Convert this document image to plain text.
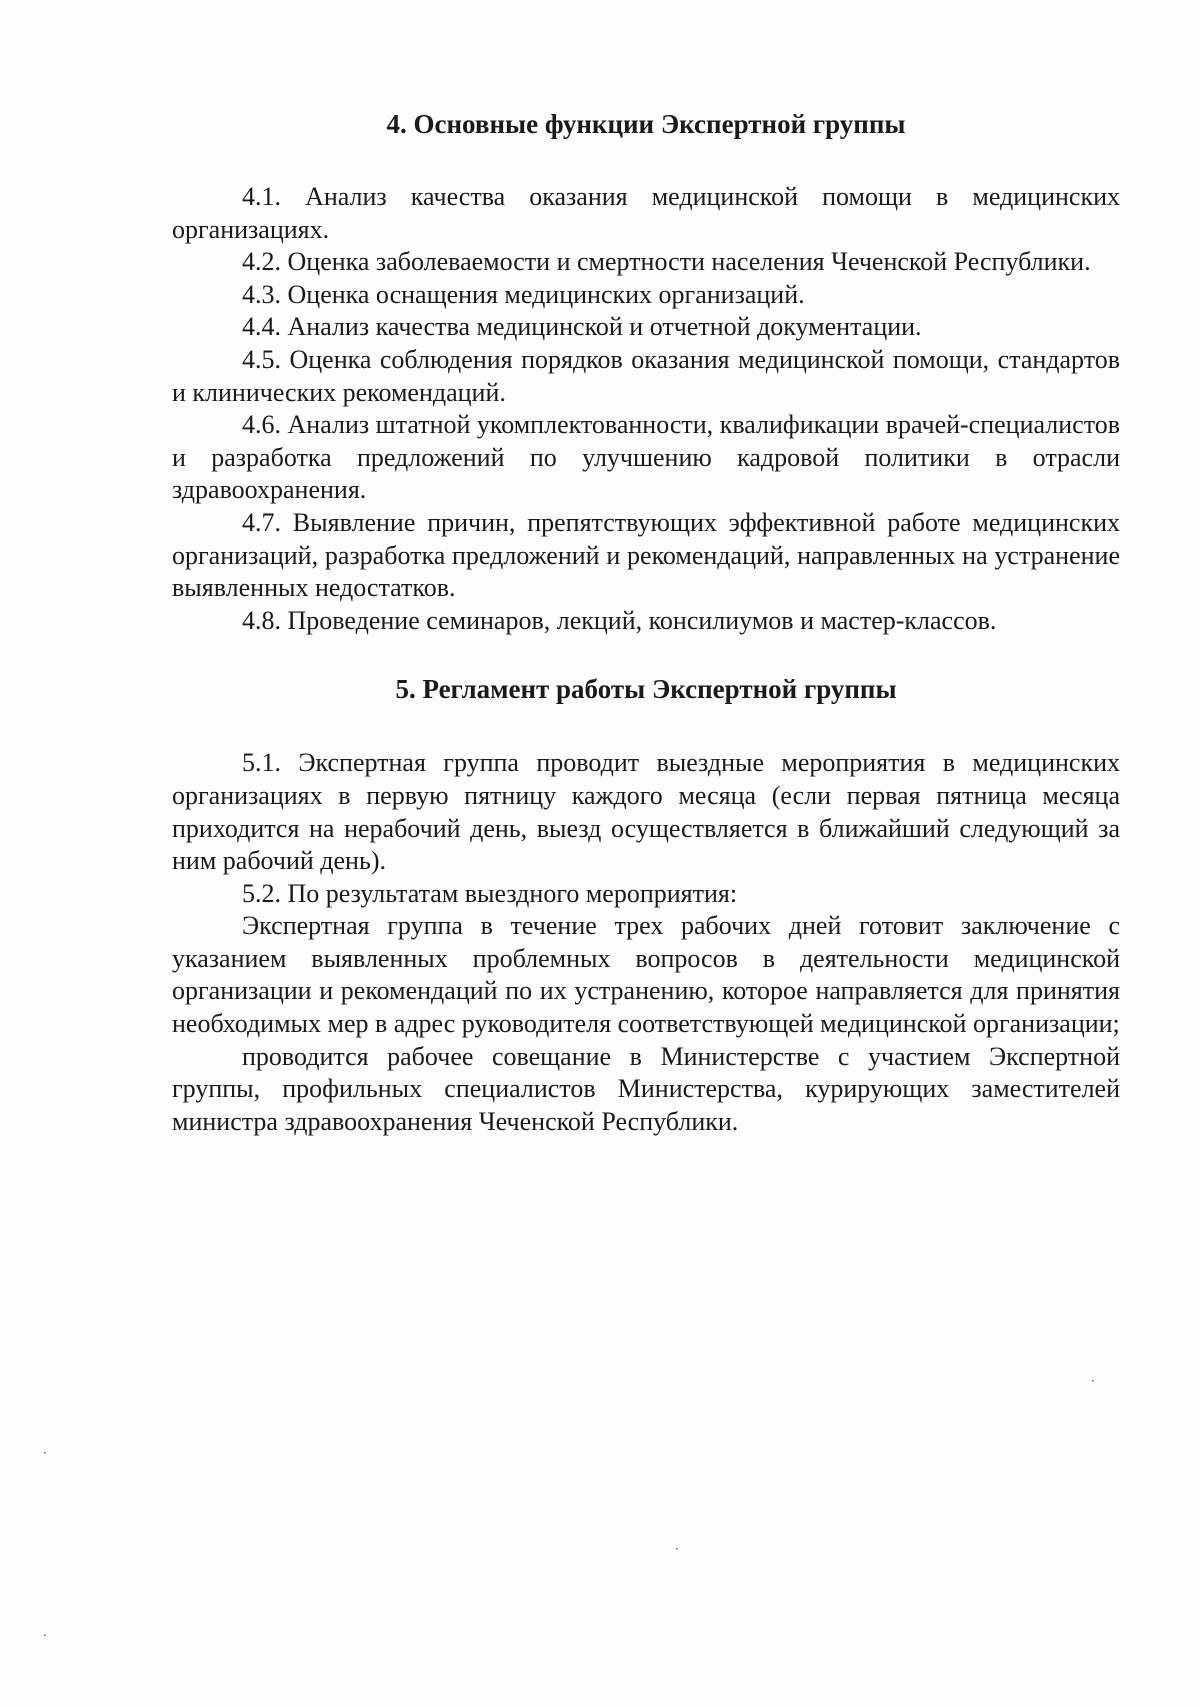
4. Основные функции Экспертной группы

4.1. Анализ качества оказания медицинской помощи в медицинских организациях.

4.2. Оценка заболеваемости и смертности населения Чеченской Республики.

4.3. Оценка оснащения медицинских организаций.

4.4. Анализ качества медицинской и отчетной документации.

4.5. Оценка соблюдения порядков оказания медицинской помощи, стандартов и клинических рекомендаций.

4.6. Анализ штатной укомплектованности, квалификации врачей-специалистов и разработка предложений по улучшению кадровой политики в отрасли здравоохранения.

4.7. Выявление причин, препятствующих эффективной работе медицинских организаций, разработка предложений и рекомендаций, направленных на устранение выявленных недостатков.

4.8. Проведение семинаров, лекций, консилиумов и мастер-классов.

5. Регламент работы Экспертной группы

5.1. Экспертная группа проводит выездные мероприятия в медицинских организациях в первую пятницу каждого месяца (если первая пятница месяца приходится на нерабочий день, выезд осуществляется в ближайший следующий за ним рабочий день).

5.2. По результатам выездного мероприятия:

Экспертная группа в течение трех рабочих дней готовит заключение с указанием выявленных проблемных вопросов в деятельности медицинской организации и рекомендаций по их устранению, которое направляется для принятия необходимых мер в адрес руководителя соответствующей медицинской организации;

проводится рабочее совещание в Министерстве с участием Экспертной группы, профильных специалистов Министерства, курирующих заместителей министра здравоохранения Чеченской Республики.
